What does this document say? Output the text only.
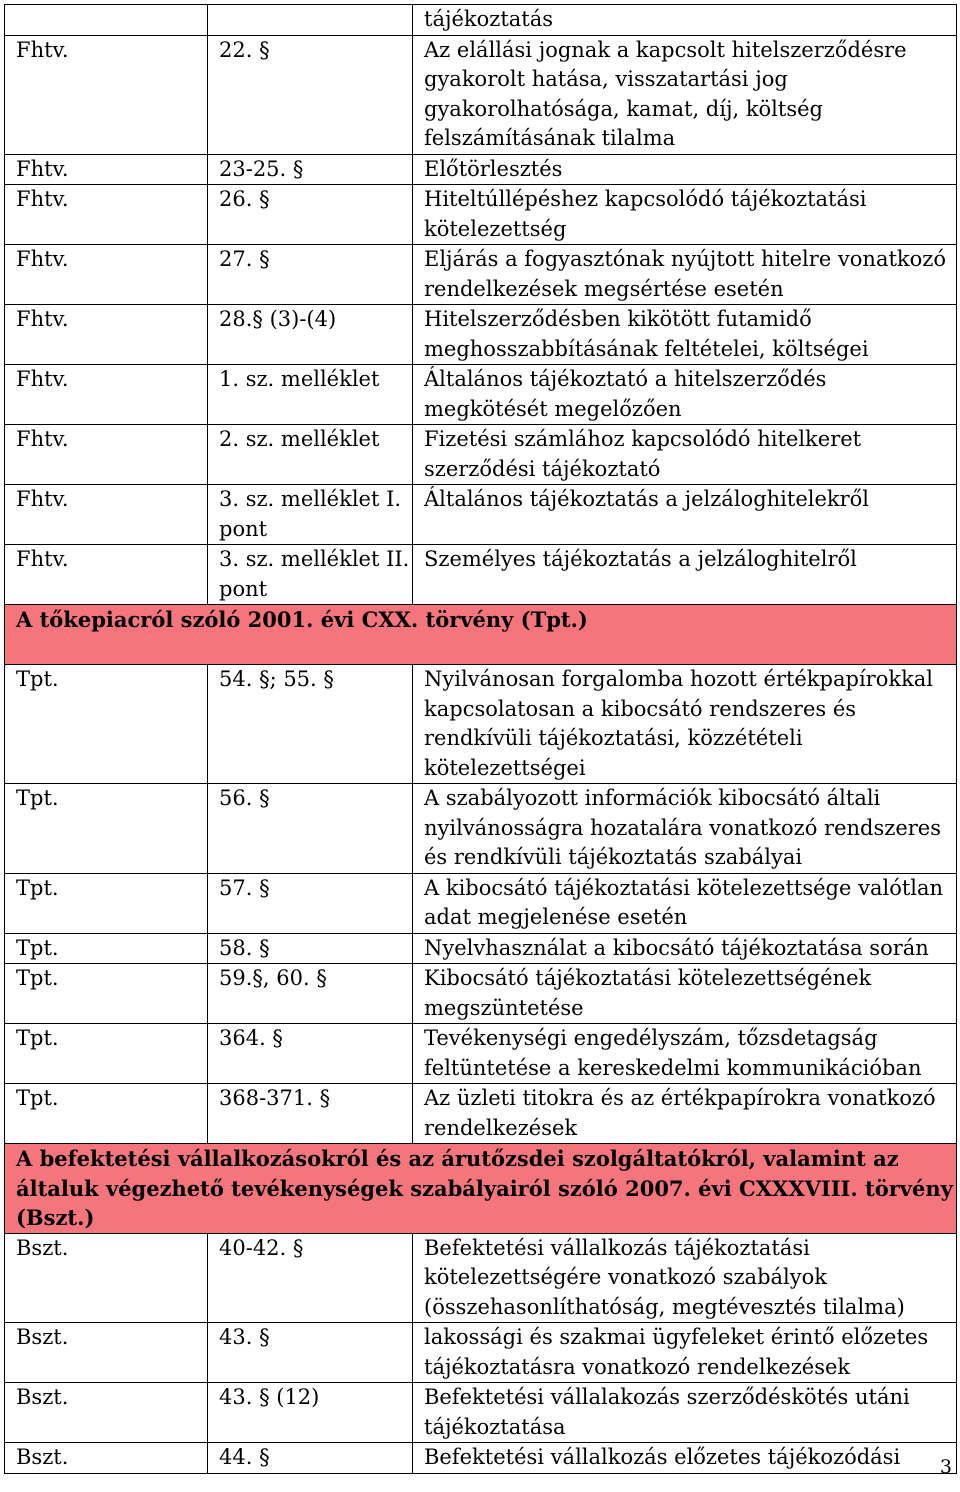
		tájékoztatás

Fhtv.	22. §	Az elállási jognak a kapcsolt hitelszerződésre
gyakorolt hatása, visszatartási jog
gyakorolhatósága, kamat, díj, költség
felszámításának tilalma

Fhtv.	23-25. §	Előtörlesztés

Fhtv.	26. §	Hiteltúllépéshez kapcsolódó tájékoztatási
kötelezettség

Fhtv.	27. §	Eljárás a fogyasztónak nyújtott hitelre vonatkozó
rendelkezések megsértése esetén

Fhtv.	28.§ (3)-(4)	Hitelszerződésben kikötött futamidő
meghosszabbításának feltételei, költségei

Fhtv.	1. sz. melléklet	Általános tájékoztató a hitelszerződés
megkötését megelőzően

Fhtv.	2. sz. melléklet	Fizetési számlához kapcsolódó hitelkeret
szerződési tájékoztató

Fhtv.	3. sz. melléklet I.
pont	Általános tájékoztatás a jelzáloghitelekről

Fhtv.	3. sz. melléklet II.
pont	Személyes tájékoztatás a jelzáloghitelről

A tőkepiacról szóló 2001. évi CXX. törvény (Tpt.)		

Tpt.	54. §; 55. §	Nyilvánosan forgalomba hozott értékpapírokkal
kapcsolatosan a kibocsátó rendszeres és
rendkívüli tájékoztatási, közzétételi
kötelezettségei

Tpt.	56. §	A szabályozott információk kibocsátó általi
nyilvánosságra hozatalára vonatkozó rendszeres
és rendkívüli tájékoztatás szabályai

Tpt.	57. §	A kibocsátó tájékoztatási kötelezettsége valótlan
adat megjelenése esetén

Tpt.	58. §	Nyelvhasználat a kibocsátó tájékoztatása során

Tpt.	59.§, 60. §	Kibocsátó tájékoztatási kötelezettségének
megszüntetése

Tpt.	364. §	Tevékenységi engedélyszám, tőzsdetagság
feltüntetése a kereskedelmi kommunikációban

Tpt.	368-371. §	Az üzleti titokra és az értékpapírokra vonatkozó
rendelkezések

A befektetési vállalkozásokról és az árutőzsdei szolgáltatókról, valamint az
általuk végezhető tevékenységek szabályairól szóló 2007. évi CXXXVIII. törvény
(Bszt.)		

Bszt.	40-42. §	Befektetési vállalkozás tájékoztatási
kötelezettségére vonatkozó szabályok
(összehasonlíthatóság, megtévesztés tilalma)

Bszt.	43. §	lakossági és szakmai ügyfeleket érintő előzetes
tájékoztatásra vonatkozó rendelkezések

Bszt.	43. § (12)	Befektetési vállalakozás szerződéskötés utáni
tájékoztatása

Bszt.	44. §	Befektetési vállalkozás előzetes tájékozódási	3
